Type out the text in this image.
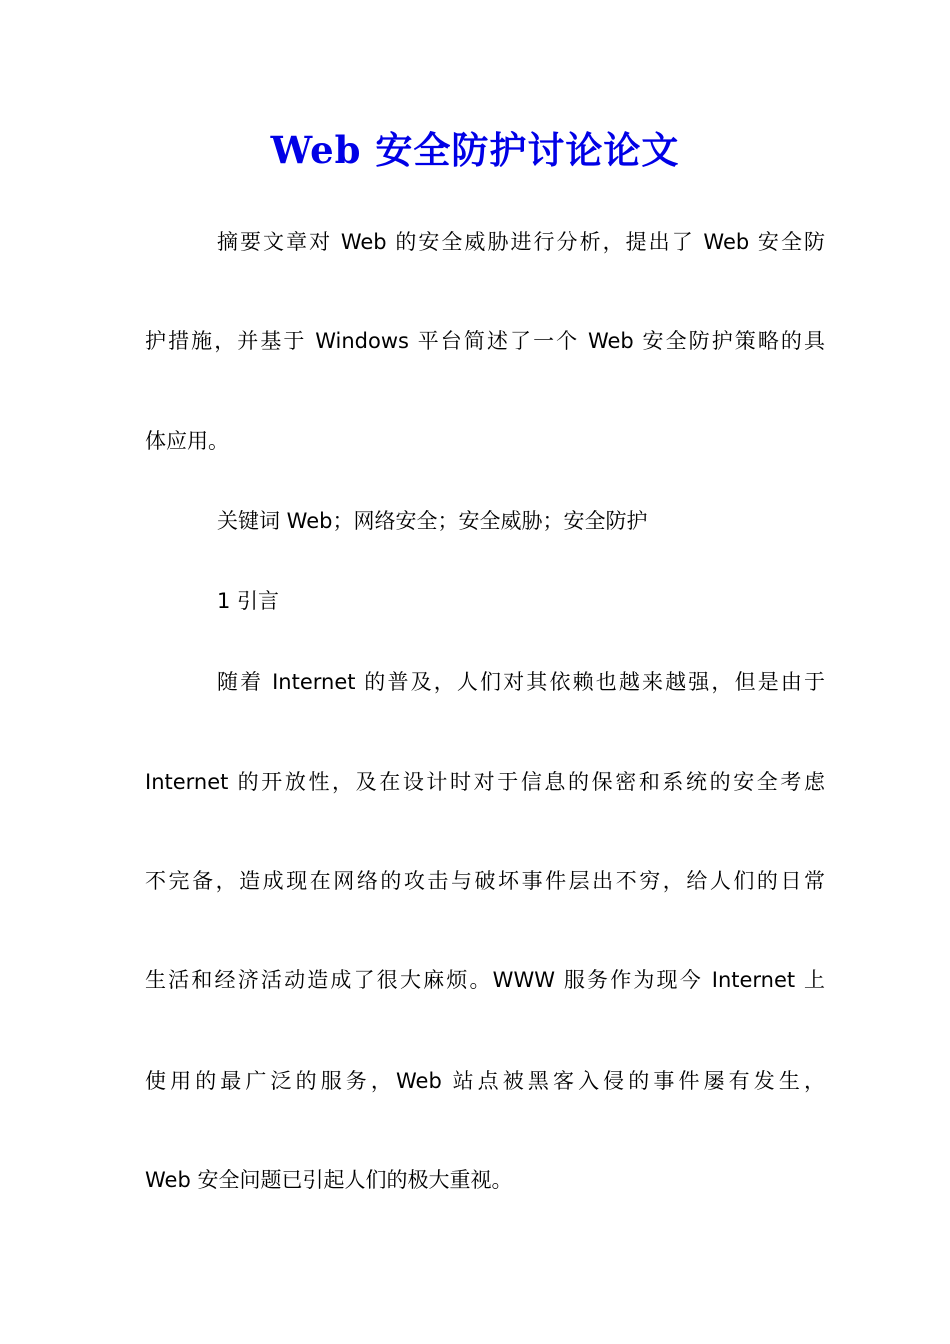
Web 安全防护讨论论文
摘要文章对 Web 的安全威胁进行分析，提出了 Web 安全防
护措施，并基于 Windows 平台简述了一个 Web 安全防护策略的具
体应用。
关键词 Web；网络安全；安全威胁；安全防护
1 引言
随着 Internet 的普及，人们对其依赖也越来越强，但是由于
Internet 的开放性，及在设计时对于信息的保密和系统的安全考虑
不完备，造成现在网络的攻击与破坏事件层出不穷，给人们的日常
生活和经济活动造成了很大麻烦。WWW 服务作为现今 Internet 上
使用的最广泛的服务，Web 站点被黑客入侵的事件屡有发生，
Web 安全问题已引起人们的极大重视。
